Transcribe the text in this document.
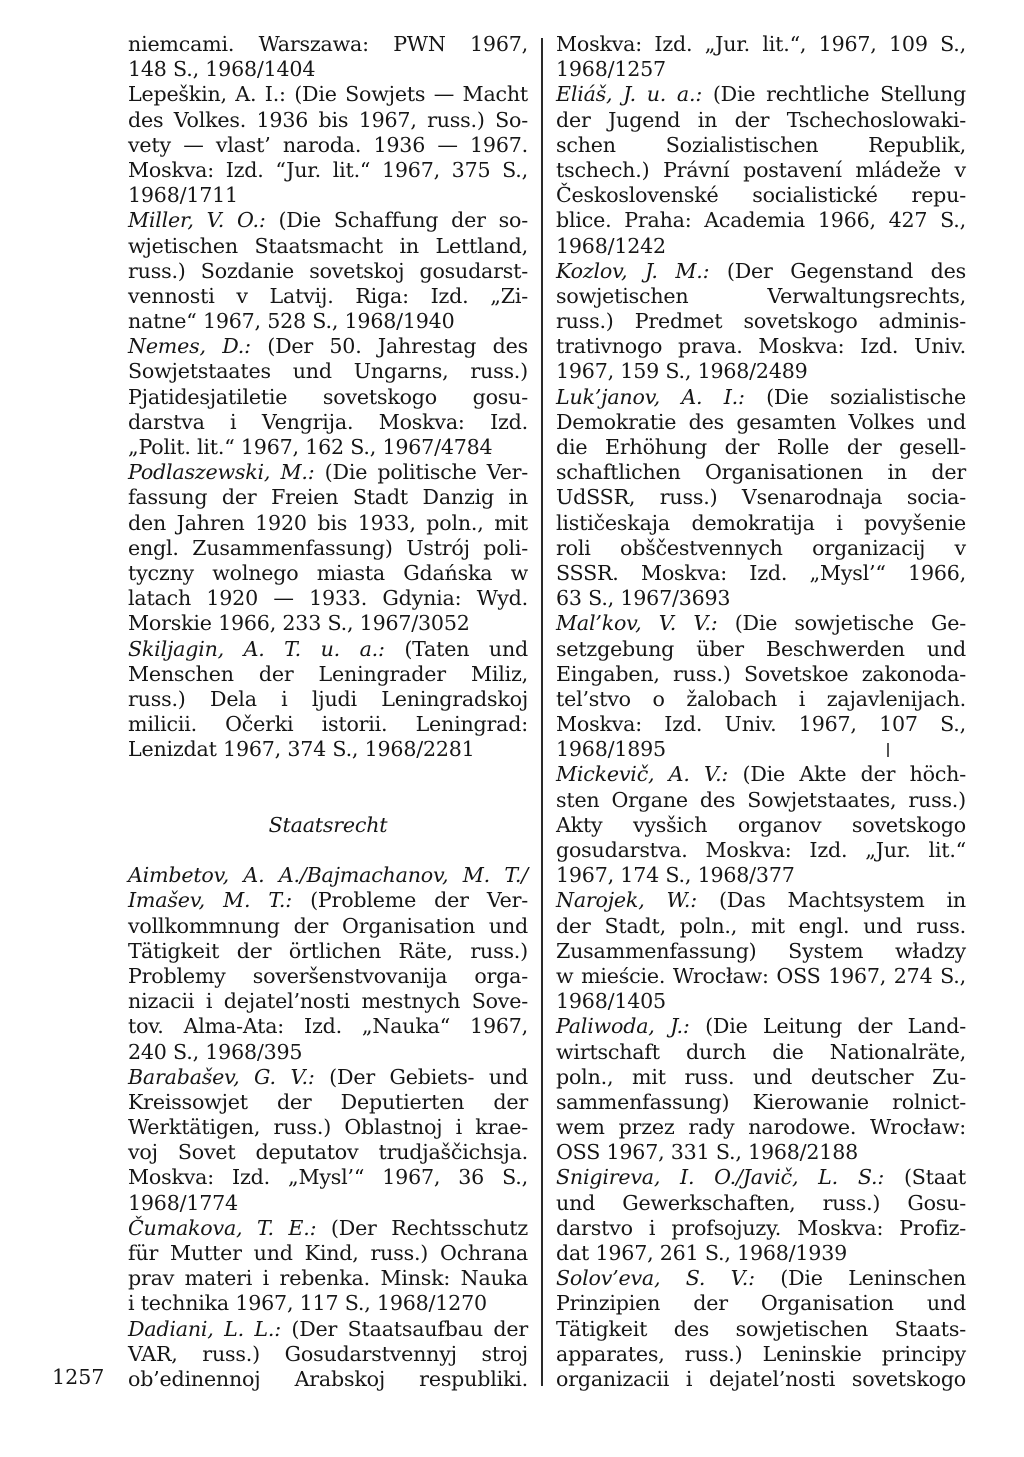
niemcami. Warszawa: PWN 1967,
148 S., 1968/1404
Lepeškin, A. I.: (Die Sowjets — Macht
des Volkes. 1936 bis 1967, russ.) So-
vety — vlast’ naroda. 1936 — 1967.
Moskva: Izd. “Jur. lit.“ 1967, 375 S.,
1968/1711
Miller, V. O.: (Die Schaffung der so-
wjetischen Staatsmacht in Lettland,
russ.) Sozdanie sovetskoj gosudarst-
vennosti v Latvij. Riga: Izd. „Zi-
natne“ 1967, 528 S., 1968/1940
Nemes, D.: (Der 50. Jahrestag des
Sowjetstaates und Ungarns, russ.)
Pjatidesjatiletie sovetskogo gosu-
darstva i Vengrija. Moskva: Izd.
„Polit. lit.“ 1967, 162 S., 1967/4784
Podlaszewski, M.: (Die politische Ver-
fassung der Freien Stadt Danzig in
den Jahren 1920 bis 1933, poln., mit
engl. Zusammenfassung) Ustrój poli-
tyczny wolnego miasta Gdańska w
latach 1920 — 1933. Gdynia: Wyd.
Morskie 1966, 233 S., 1967/3052
Skiljagin, A. T. u. a.: (Taten und
Menschen der Leningrader Miliz,
russ.) Dela i ljudi Leningradskoj
milicii. Očerki istorii. Leningrad:
Lenizdat 1967, 374 S., 1968/2281
Staatsrecht
Aimbetov, A. A./Bajmachanov, M. T./
Imašev, M. T.: (Probleme der Ver-
vollkommnung der Organisation und
Tätigkeit der örtlichen Räte, russ.)
Problemy soveršenstvovanija orga-
nizacii i dejatel’nosti mestnych Sove-
tov. Alma-Ata: Izd. „Nauka“ 1967,
240 S., 1968/395
Barabašev, G. V.: (Der Gebiets- und
Kreissowjet der Deputierten der
Werktätigen, russ.) Oblastnoj i krae-
voj Sovet deputatov trudjaščichsja.
Moskva: Izd. „Mysl’“ 1967, 36 S.,
1968/1774
Čumakova, T. E.: (Der Rechtsschutz
für Mutter und Kind, russ.) Ochrana
prav materi i rebenka. Minsk: Nauka
i technika 1967, 117 S., 1968/1270
Dadiani, L. L.: (Der Staatsaufbau der
VAR, russ.) Gosudarstvennyj stroj
ob’edinennoj Arabskoj respubliki.
Moskva: Izd. „Jur. lit.“, 1967, 109 S.,
1968/1257
Eliáš, J. u. a.: (Die rechtliche Stellung
der Jugend in der Tschechoslowaki-
schen Sozialistischen Republik,
tschech.) Právní postavení mládeže v
Československé socialistické repu-
blice. Praha: Academia 1966, 427 S.,
1968/1242
Kozlov, J. M.: (Der Gegenstand des
sowjetischen Verwaltungsrechts,
russ.) Predmet sovetskogo adminis-
trativnogo prava. Moskva: Izd. Univ.
1967, 159 S., 1968/2489
Luk’janov, A. I.: (Die sozialistische
Demokratie des gesamten Volkes und
die Erhöhung der Rolle der gesell-
schaftlichen Organisationen in der
UdSSR, russ.) Vsenarodnaja socia-
lističeskaja demokratija i povyšenie
roli obščestvennych organizacij v
SSSR. Moskva: Izd. „Mysl’“ 1966,
63 S., 1967/3693
Mal’kov, V. V.: (Die sowjetische Ge-
setzgebung über Beschwerden und
Eingaben, russ.) Sovetskoe zakonoda-
tel’stvo o žalobach i zajavlenijach.
Moskva: Izd. Univ. 1967, 107 S.,
1968/1895
Mickevič, A. V.: (Die Akte der höch-
sten Organe des Sowjetstaates, russ.)
Akty vysšich organov sovetskogo
gosudarstva. Moskva: Izd. „Jur. lit.“
1967, 174 S., 1968/377
Narojek, W.: (Das Machtsystem in
der Stadt, poln., mit engl. und russ.
Zusammenfassung) System władzy
w mieście. Wrocław: OSS 1967, 274 S.,
1968/1405
Paliwoda, J.: (Die Leitung der Land-
wirtschaft durch die Nationalräte,
poln., mit russ. und deutscher Zu-
sammenfassung) Kierowanie rolnict-
wem przez rady narodowe. Wrocław:
OSS 1967, 331 S., 1968/2188
Snigireva, I. O./Javič, L. S.: (Staat
und Gewerkschaften, russ.) Gosu-
darstvo i profsojuzy. Moskva: Profiz-
dat 1967, 261 S., 1968/1939
Solov’eva, S. V.: (Die Leninschen
Prinzipien der Organisation und
Tätigkeit des sowjetischen Staats-
apparates, russ.) Leninskie principy
organizacii i dejatel’nosti sovetskogo
1257
